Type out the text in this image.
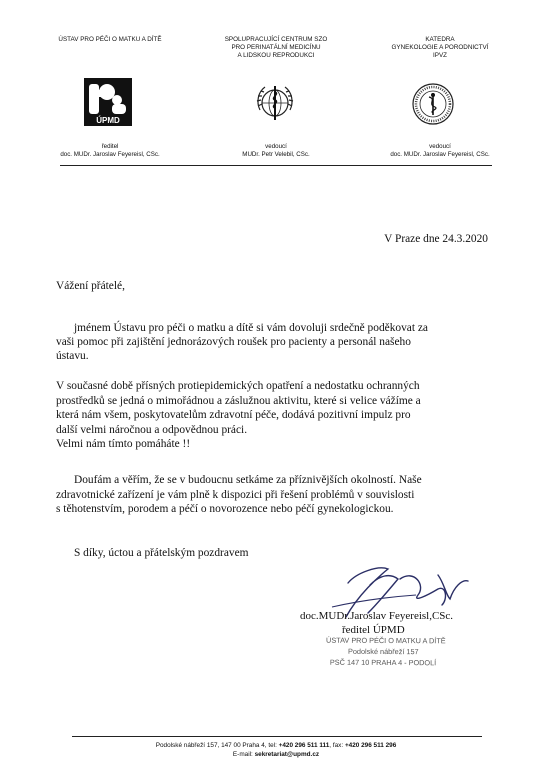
ÚSTAV PRO PÉČI O MATKU A DÍTĚ	SPOLUPRACUJÍCÍ CENTRUM SZO
PRO PERINATÁLNÍ MEDICÍNU
A LIDSKOU REPRODUKCI
KATEDRA
GYNEKOLOGIE A PORODNICTVÍ
IPVZ
ÚPMD
ředitel
doc. MUDr. Jaroslav Feyereisl, CSc.
vedoucí
MUDr. Petr Velebil, CSc.
vedoucí
doc. MUDr. Jaroslav Feyereisl, CSc.
V Praze dne 24.3.2020
Vážení přátelé,
jménem Ústavu pro péči o matku a dítě si vám dovoluji srdečně poděkovat za
vaši pomoc při zajištění jednorázových roušek pro pacienty a personál našeho
ústavu.
V současné době přísných protiepidemických opatření a nedostatku ochranných
prostředků se jedná o mimořádnou a záslužnou aktivitu, které si velice vážíme a
která nám všem, poskytovatelům zdravotní péče, dodává pozitivní impulz pro
další velmi náročnou a odpovědnou práci.
Velmi nám tímto pomáháte !!
Doufám a věřím, že se v budoucnu setkáme za příznivějších okolností. Naše
zdravotnické zařízení je vám plně k dispozici při řešení problémů v souvislosti
s těhotenstvím, porodem a péčí o novorozence nebo péčí gynekologickou.
S díky, úctou a přátelským pozdravem
doc.MUDr.Jaroslav Feyereisl,CSc.
ředitel ÚPMD
ÚSTAV PRO PÉČI O MATKU A DÍTĚ
Podolské nábřeží 157
PSČ 147 10 PRAHA 4 - PODOLÍ
Podolské nábřeží 157, 147 00 Praha 4, tel: +420 296 511 111, fax: +420 296 511 296
E-mail: sekretariat@upmd.cz
